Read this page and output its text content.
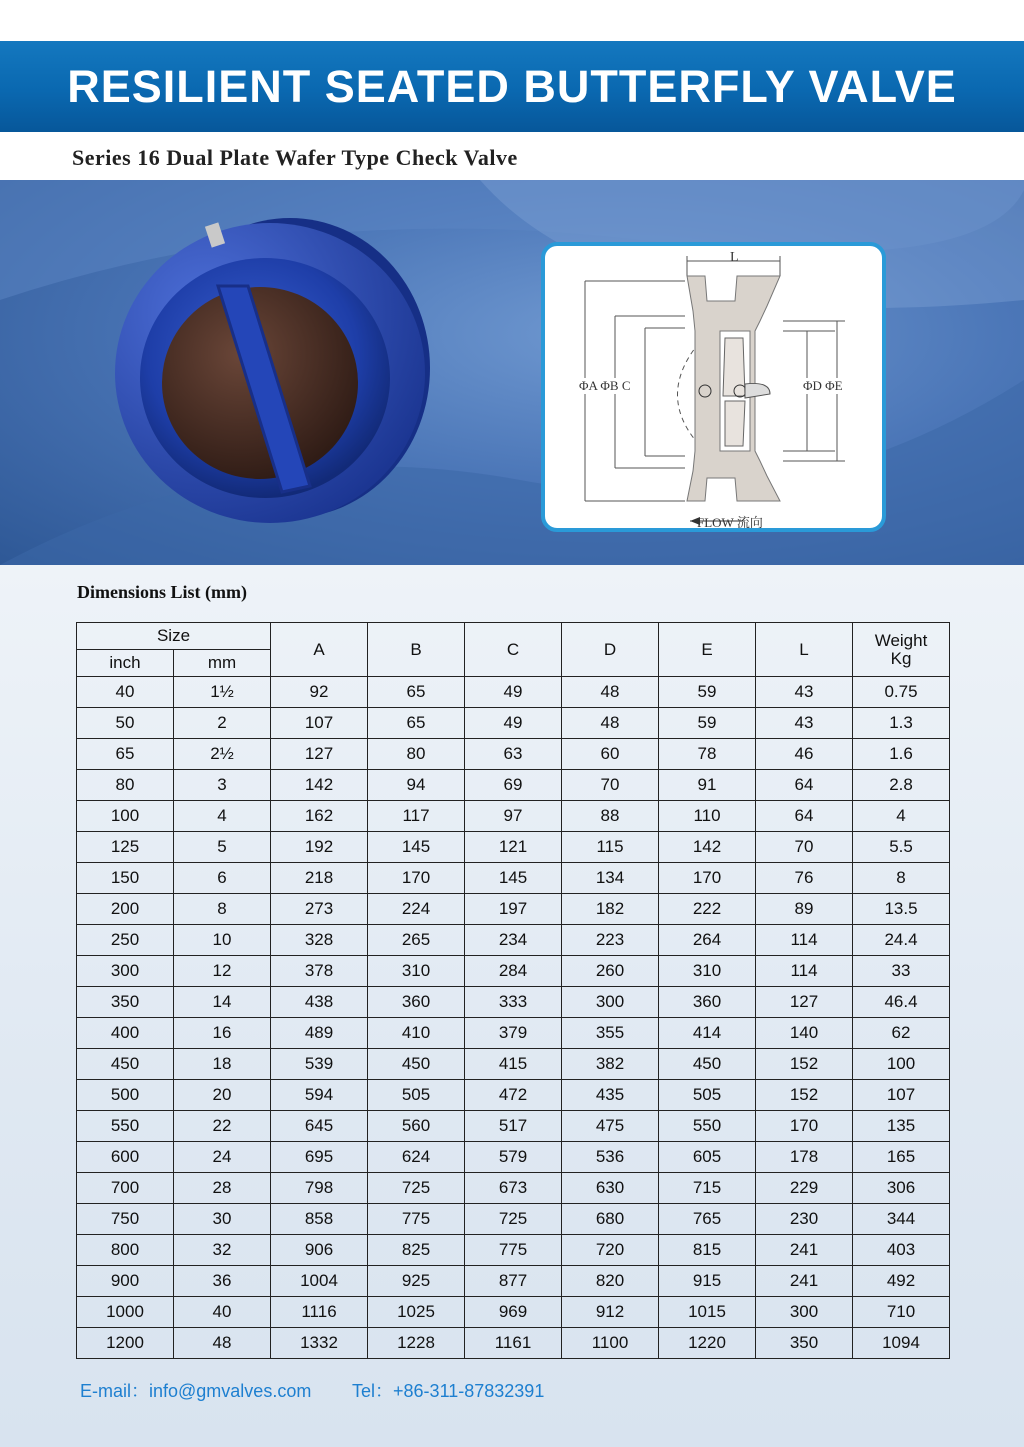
RESILIENT SEATED BUTTERFLY VALVE
Series 16 Dual Plate Wafer Type Check Valve
L
ΦA ΦB C	ΦD ΦE
FLOW 流向
Dimensions List (mm)
Size		A	B	C	D	E	L	Weight
Kg

inch	mm							
40	1½	92	65	49	48	59	43	0.75
50	2	107	65	49	48	59	43	1.3
65	2½	127	80	63	60	78	46	1.6
80	3	142	94	69	70	91	64	2.8
100	4	162	117	97	88	110	64	4
125	5	192	145	121	115	142	70	5.5
150	6	218	170	145	134	170	76	8
200	8	273	224	197	182	222	89	13.5
250	10	328	265	234	223	264	114	24.4
300	12	378	310	284	260	310	114	33
350	14	438	360	333	300	360	127	46.4
400	16	489	410	379	355	414	140	62
450	18	539	450	415	382	450	152	100
500	20	594	505	472	435	505	152	107
550	22	645	560	517	475	550	170	135
600	24	695	624	579	536	605	178	165
700	28	798	725	673	630	715	229	306
750	30	858	775	725	680	765	230	344
800	32	906	825	775	720	815	241	403
900	36	1004	925	877	820	915	241	492
1000	40	1116	1025	969	912	1015	300	710
1200	48	1332	1228	1161	1100	1220	350	1094
E-mail：info@gmvalves.com Tel：+86-311-87832391
